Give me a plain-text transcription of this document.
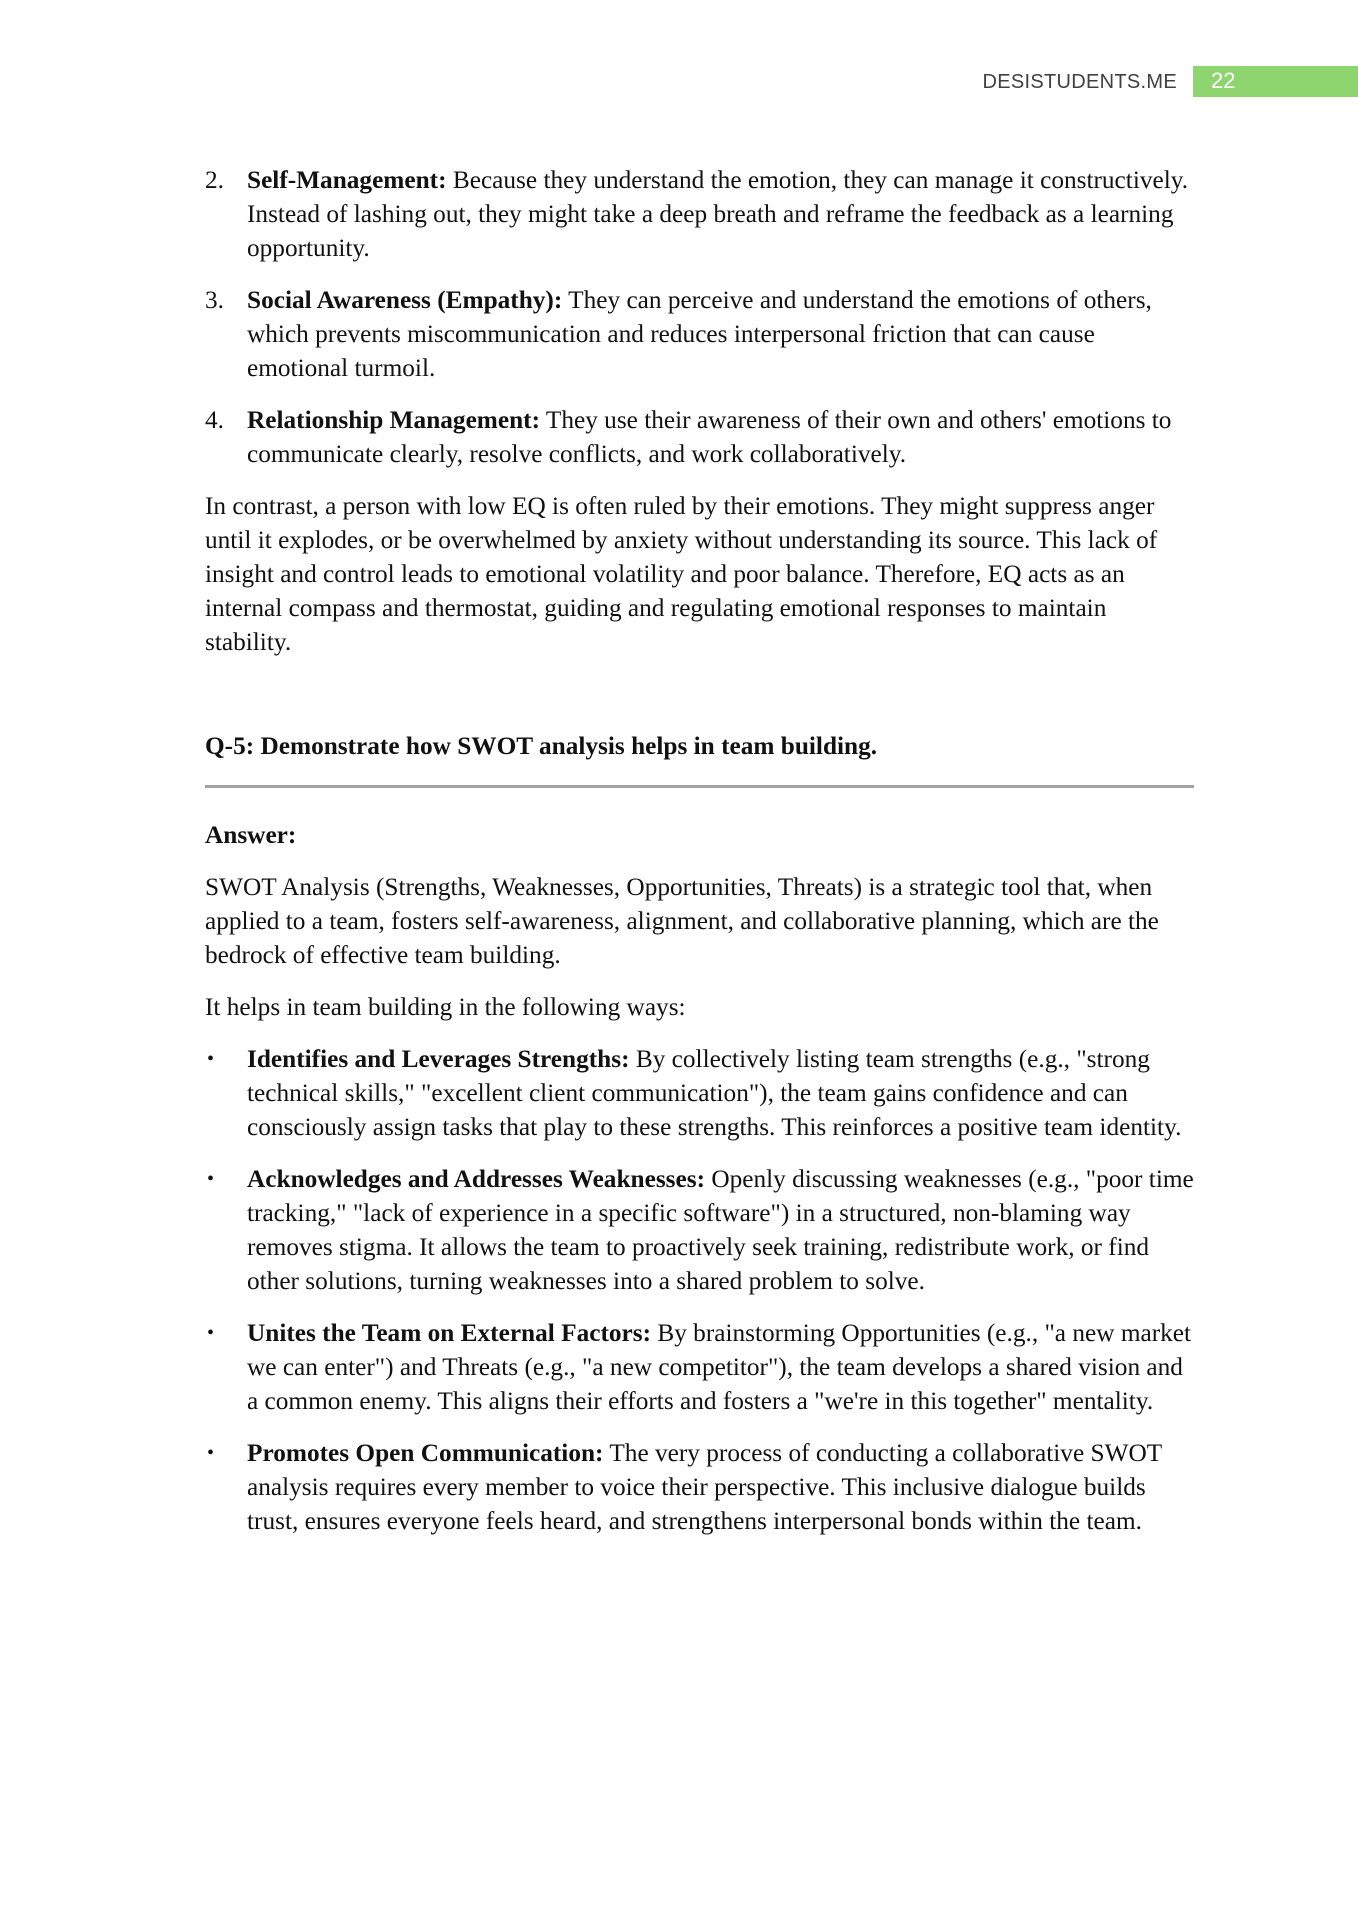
DESISTUDENTS.ME 22
2. Self-Management: Because they understand the emotion, they can manage it constructively. Instead of lashing out, they might take a deep breath and reframe the feedback as a learning opportunity.

3. Social Awareness (Empathy): They can perceive and understand the emotions of others, which prevents miscommunication and reduces interpersonal friction that can cause emotional turmoil.

4. Relationship Management: They use their awareness of their own and others' emotions to communicate clearly, resolve conflicts, and work collaboratively.

In contrast, a person with low EQ is often ruled by their emotions. They might suppress anger until it explodes, or be overwhelmed by anxiety without understanding its source. This lack of insight and control leads to emotional volatility and poor balance. Therefore, EQ acts as an internal compass and thermostat, guiding and regulating emotional responses to maintain stability.

Q-5: Demonstrate how SWOT analysis helps in team building.

Answer:

SWOT Analysis (Strengths, Weaknesses, Opportunities, Threats) is a strategic tool that, when applied to a team, fosters self-awareness, alignment, and collaborative planning, which are the bedrock of effective team building.

It helps in team building in the following ways:

• Identifies and Leverages Strengths: By collectively listing team strengths (e.g., "strong technical skills," "excellent client communication"), the team gains confidence and can consciously assign tasks that play to these strengths. This reinforces a positive team identity.

• Acknowledges and Addresses Weaknesses: Openly discussing weaknesses (e.g., "poor time tracking," "lack of experience in a specific software") in a structured, non-blaming way removes stigma. It allows the team to proactively seek training, redistribute work, or find other solutions, turning weaknesses into a shared problem to solve.

• Unites the Team on External Factors: By brainstorming Opportunities (e.g., "a new market we can enter") and Threats (e.g., "a new competitor"), the team develops a shared vision and a common enemy. This aligns their efforts and fosters a "we're in this together" mentality.

• Promotes Open Communication: The very process of conducting a collaborative SWOT analysis requires every member to voice their perspective. This inclusive dialogue builds trust, ensures everyone feels heard, and strengthens interpersonal bonds within the team.
